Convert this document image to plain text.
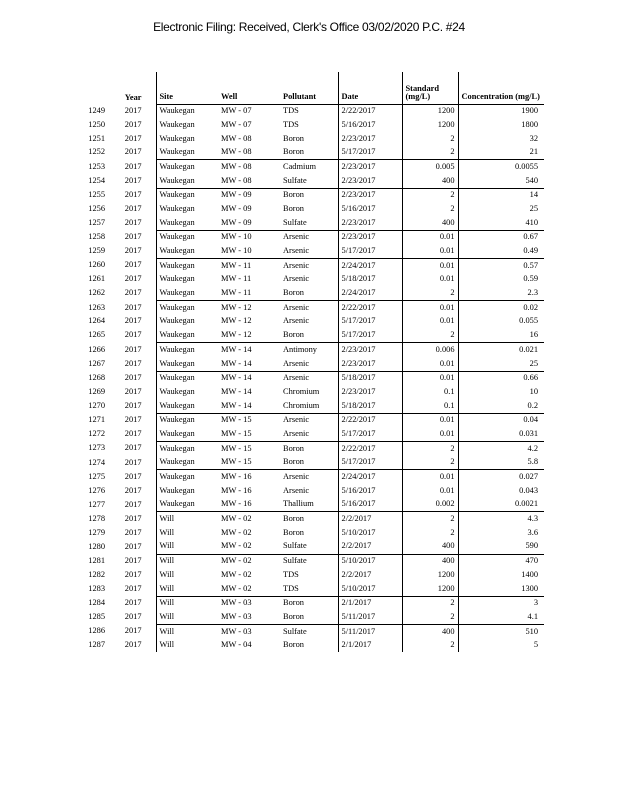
Electronic Filing: Received, Clerk's Office 03/02/2020 P.C. #24
	Year	Site	Well	Pollutant	Date	Standard (mg/L)	Concentration (mg/L)
1249	2017	Waukegan	MW - 07	TDS	2/22/2017	1200	1900
1250	2017	Waukegan	MW - 07	TDS	5/16/2017	1200	1800
1251	2017	Waukegan	MW - 08	Boron	2/23/2017	2	32
1252	2017	Waukegan	MW - 08	Boron	5/17/2017	2	21
1253	2017	Waukegan	MW - 08	Cadmium	2/23/2017	0.005	0.0055
1254	2017	Waukegan	MW - 08	Sulfate	2/23/2017	400	540
1255	2017	Waukegan	MW - 09	Boron	2/23/2017	2	14
1256	2017	Waukegan	MW - 09	Boron	5/16/2017	2	25
1257	2017	Waukegan	MW - 09	Sulfate	2/23/2017	400	410
1258	2017	Waukegan	MW - 10	Arsenic	2/23/2017	0.01	0.67
1259	2017	Waukegan	MW - 10	Arsenic	5/17/2017	0.01	0.49
1260	2017	Waukegan	MW - 11	Arsenic	2/24/2017	0.01	0.57
1261	2017	Waukegan	MW - 11	Arsenic	5/18/2017	0.01	0.59
1262	2017	Waukegan	MW - 11	Boron	2/24/2017	2	2.3
1263	2017	Waukegan	MW - 12	Arsenic	2/22/2017	0.01	0.02
1264	2017	Waukegan	MW - 12	Arsenic	5/17/2017	0.01	0.055
1265	2017	Waukegan	MW - 12	Boron	5/17/2017	2	16
1266	2017	Waukegan	MW - 14	Antimony	2/23/2017	0.006	0.021
1267	2017	Waukegan	MW - 14	Arsenic	2/23/2017	0.01	25
1268	2017	Waukegan	MW - 14	Arsenic	5/18/2017	0.01	0.66
1269	2017	Waukegan	MW - 14	Chromium	2/23/2017	0.1	10
1270	2017	Waukegan	MW - 14	Chromium	5/18/2017	0.1	0.2
1271	2017	Waukegan	MW - 15	Arsenic	2/22/2017	0.01	0.04
1272	2017	Waukegan	MW - 15	Arsenic	5/17/2017	0.01	0.031
1273	2017	Waukegan	MW - 15	Boron	2/22/2017	2	4.2
1274	2017	Waukegan	MW - 15	Boron	5/17/2017	2	5.8
1275	2017	Waukegan	MW - 16	Arsenic	2/24/2017	0.01	0.027
1276	2017	Waukegan	MW - 16	Arsenic	5/16/2017	0.01	0.043
1277	2017	Waukegan	MW - 16	Thallium	5/16/2017	0.002	0.0021
1278	2017	Will	MW - 02	Boron	2/2/2017	2	4.3
1279	2017	Will	MW - 02	Boron	5/10/2017	2	3.6
1280	2017	Will	MW - 02	Sulfate	2/2/2017	400	590
1281	2017	Will	MW - 02	Sulfate	5/10/2017	400	470
1282	2017	Will	MW - 02	TDS	2/2/2017	1200	1400
1283	2017	Will	MW - 02	TDS	5/10/2017	1200	1300
1284	2017	Will	MW - 03	Boron	2/1/2017	2	3
1285	2017	Will	MW - 03	Boron	5/11/2017	2	4.1
1286	2017	Will	MW - 03	Sulfate	5/11/2017	400	510
1287	2017	Will	MW - 04	Boron	2/1/2017	2	5
